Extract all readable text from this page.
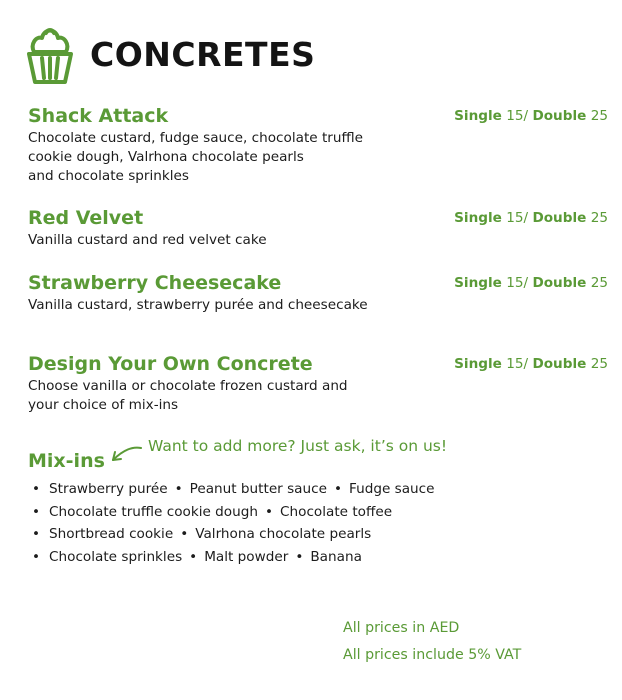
CONCRETES
Shack Attack
Chocolate custard, fudge sauce, chocolate truffle
cookie dough, Valrhona chocolate pearls
and chocolate sprinkles
Single 15/ Double 25
Red Velvet
Vanilla custard and red velvet cake
Single 15/ Double 25
Strawberry Cheesecake
Vanilla custard, strawberry purée and cheesecake
Single 15/ Double 25
Design Your Own Concrete
Choose vanilla or chocolate frozen custard and
your choice of mix-ins
Single 15/ Double 25
Mix-ins
Want to add more? Just ask, it’s on us!
• Strawberry purée • Peanut butter sauce • Fudge sauce
• Chocolate truffle cookie dough • Chocolate toffee
• Shortbread cookie • Valrhona chocolate pearls
• Chocolate sprinkles • Malt powder • Banana
All prices in AED
All prices include 5% VAT
